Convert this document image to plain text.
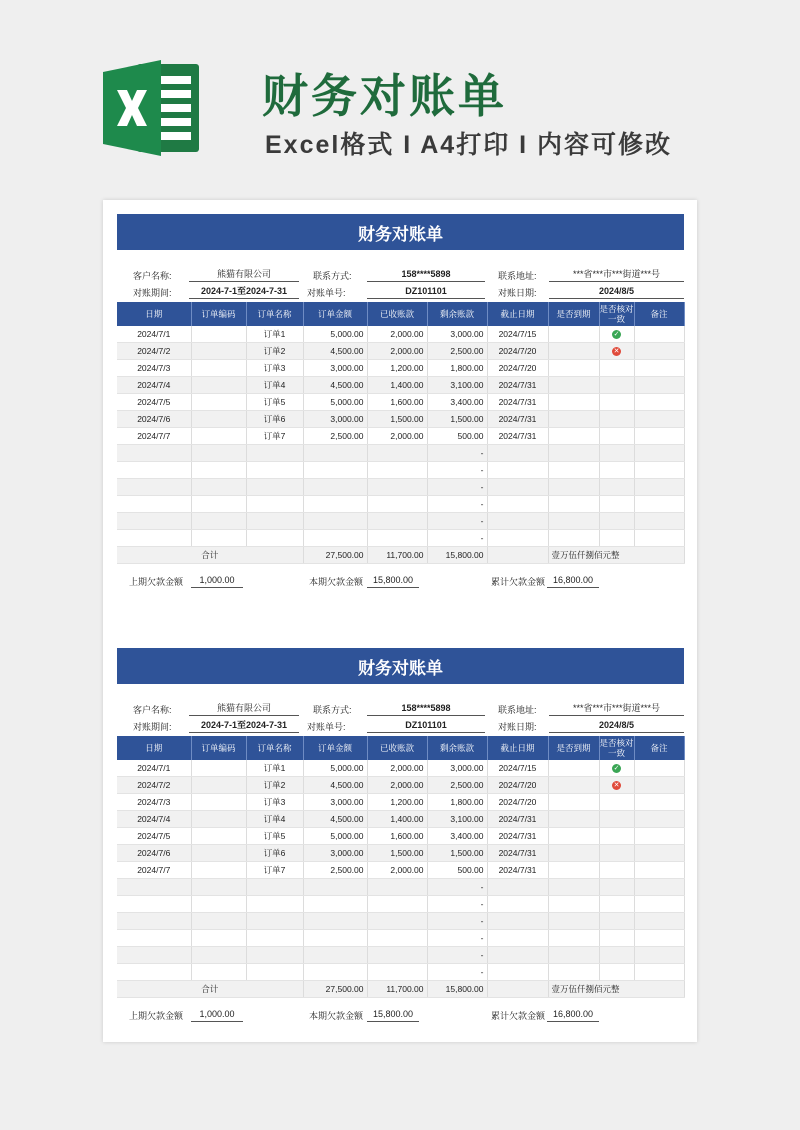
财务对账单
Excel格式 I A4打印 I 内容可修改
财务对账单
客户名称:	熊猫有限公司	联系方式:	158****5898	联系地址:	***省***市***街道***号
对账期间:	2024-7-1至2024-7-31	对账单号:	DZ101101	对账日期:	2024/8/5
日期	订单编码	订单名称	订单金额	已收账款	剩余账款	截止日期	是否到期	是否核对一致	备注
2024/7/1		订单1	5,000.00	2,000.00	3,000.00	2024/7/15		✓	
2024/7/2		订单2	4,500.00	2,000.00	2,500.00	2024/7/20		✕	
2024/7/3		订单3	3,000.00	1,200.00	1,800.00	2024/7/20			
2024/7/4		订单4	4,500.00	1,400.00	3,100.00	2024/7/31			
2024/7/5		订单5	5,000.00	1,600.00	3,400.00	2024/7/31			
2024/7/6		订单6	3,000.00	1,500.00	1,500.00	2024/7/31			
2024/7/7		订单7	2,500.00	2,000.00	500.00	2024/7/31			
					-				
					-				
					-				
					-				
					-				
					-				
合计			27,500.00	11,700.00	15,800.00		壹万伍仟捌佰元整		
上期欠款金额	1,000.00	本期欠款金额	15,800.00	累计欠款金额 16,800.00
财务对账单
客户名称:	熊猫有限公司	联系方式:	158****5898	联系地址:	***省***市***街道***号
对账期间:	2024-7-1至2024-7-31	对账单号:	DZ101101	对账日期:	2024/8/5
日期	订单编码	订单名称	订单金额	已收账款	剩余账款	截止日期	是否到期	是否核对一致	备注
2024/7/1		订单1	5,000.00	2,000.00	3,000.00	2024/7/15		✓	
2024/7/2		订单2	4,500.00	2,000.00	2,500.00	2024/7/20		✕	
2024/7/3		订单3	3,000.00	1,200.00	1,800.00	2024/7/20			
2024/7/4		订单4	4,500.00	1,400.00	3,100.00	2024/7/31			
2024/7/5		订单5	5,000.00	1,600.00	3,400.00	2024/7/31			
2024/7/6		订单6	3,000.00	1,500.00	1,500.00	2024/7/31			
2024/7/7		订单7	2,500.00	2,000.00	500.00	2024/7/31			
					-				
					-				
					-				
					-				
					-				
					-				
合计			27,500.00	11,700.00	15,800.00		壹万伍仟捌佰元整		
上期欠款金额	1,000.00	本期欠款金额	15,800.00	累计欠款金额 16,800.00
